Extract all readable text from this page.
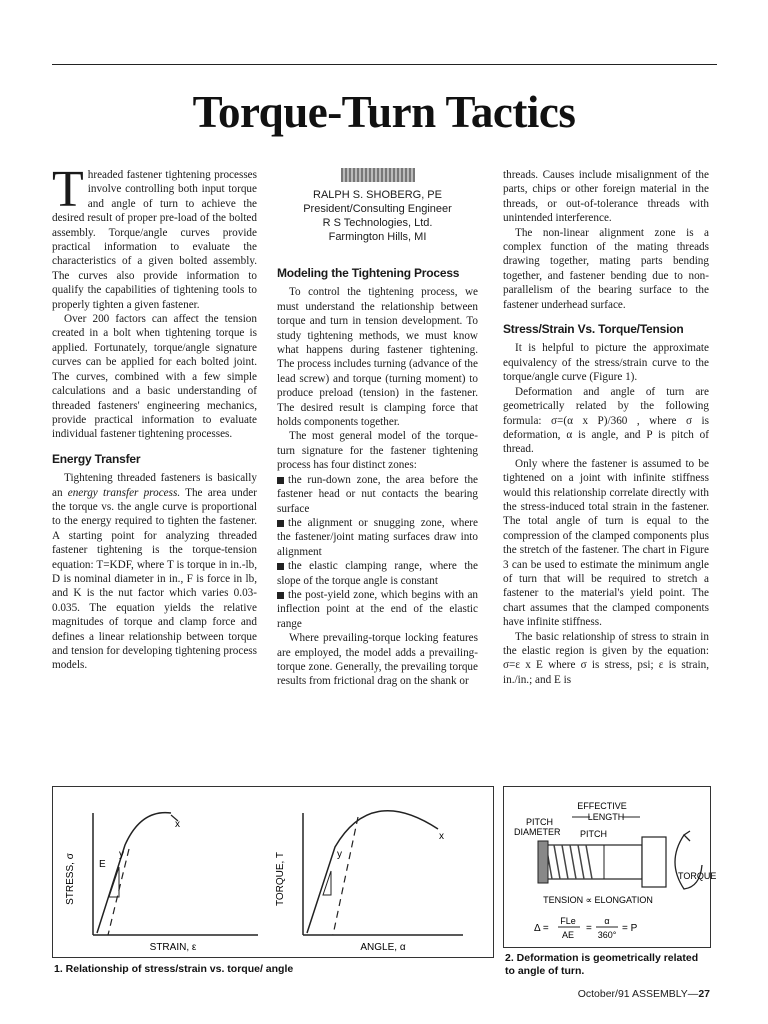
Torque-Turn Tactics

Threaded fastener tightening processes involve controlling both input torque and angle of turn to achieve the desired result of proper pre-load of the bolted assembly. Torque/angle curves provide practical information to evaluate the characteristics of a given bolted assembly. The curves also provide information to qualify the capabilities of tightening tools to properly tighten a given fastener.

Over 200 factors can affect the tension created in a bolt when tightening torque is applied. Fortunately, torque/angle signature curves can be applied for each bolted joint. The curves, combined with a few simple calculations and a basic understanding of threaded fasteners' engineering mechanics, provide practical information to evaluate individual fastener tightening processes.

Energy Transfer

Tightening threaded fasteners is basically an energy transfer process. The area under the torque vs. the angle curve is proportional to the energy required to tighten the fastener. A starting point for analyzing threaded fastener tightening is the torque-tension equation: T=KDF, where T is torque in in.-lb, D is nominal diameter in in., F is force in lb, and K is the nut factor which varies 0.03-0.035. The equation yields the relative magnitudes of torque and clamp force and defines a linear relationship between torque and tension for developing tightening process models.

RALPH S. SHOBERG, PE
President/Consulting Engineer
R S Technologies, Ltd.
Farmington Hills, MI
Modeling the Tightening Process

To control the tightening process, we must understand the relationship between torque and turn in tension development. To study tightening methods, we must know what happens during fastener tightening. The process includes turning (advance of the lead screw) and torque (turning moment) to produce preload (tension) in the fastener. The desired result is clamping force that holds components together.

The most general model of the torque-turn signature for the fastener tightening process has four distinct zones:

the run-down zone, the area before the fastener head or nut contacts the bearing surface

the alignment or snugging zone, where the fastener/joint mating surfaces draw into alignment

the elastic clamping range, where the slope of the torque angle is constant

the post-yield zone, which begins with an inflection point at the end of the elastic range

Where prevailing-torque locking features are employed, the model adds a prevailing-torque zone. Generally, the prevailing torque results from frictional drag on the shank or

threads. Causes include misalignment of the parts, chips or other foreign material in the threads, or out-of-tolerance threads with unintended interference.

The non-linear alignment zone is a complex function of the mating threads drawing together, mating parts bending together, and fastener bending due to non-parallelism of the bearing surface to the fastener underhead surface.

Stress/Strain Vs. Torque/Tension

It is helpful to picture the approximate equivalency of the stress/strain curve to the torque/angle curve (Figure 1).

Deformation and angle of turn are geometrically related by the following formula: σ=(α x P)/360 , where σ is deformation, α is angle, and P is pitch of thread.

Only where the fastener is assumed to be tightened on a joint with infinite stiffness would this relationship correlate directly with the stress-induced total strain in the fastener. The total angle of turn is equal to the compression of the clamped components plus the stretch of the fastener. The chart in Figure 3 can be used to estimate the minimum angle of turn that will be required to stretch a fastener to the material's yield point. The chart assumes that the clamped components have infinite stiffness.

The basic relationship of stress to strain in the elastic region is given by the equation: σ=ε x E where σ is stress, psi; ε is strain, in./in.; and E is

STRESS, σ
STRAIN, ε
E
y
x
TORQUE, T
ANGLE, α
y
x
1. Relationship of stress/strain vs. torque/ angle
EFFECTIVE
LENGTH
PITCH
DIAMETER PITCH
TORQUE
TENSION ∝ ELONGATION
Δ =
FLe
AE
=
α
360°
= P
2. Deformation is geometrically related to angle of turn.
October/91 ASSEMBLY—27
